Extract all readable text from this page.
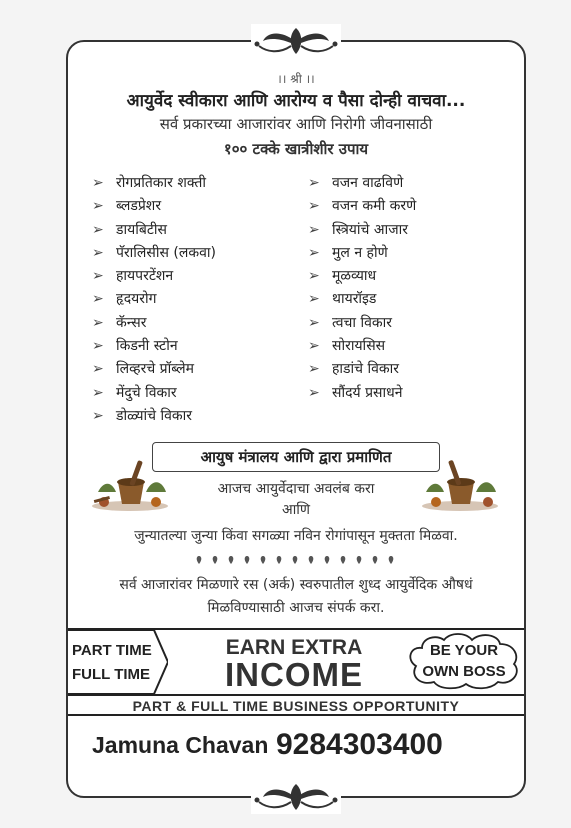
।। श्री ।।
आयुर्वेद स्वीकारा आणि आरोग्य व पैसा दोन्ही वाचवा...
सर्व प्रकारच्या आजारांवर आणि निरोगी जीवनासाठी
१०० टक्के खात्रीशीर उपाय
➢ रोगप्रतिकार शक्ती
➢ ब्लडप्रेशर
➢ डायबिटीस
➢ पॅरालिसीस (लकवा)
➢ हायपरटेंशन
➢ हृदयरोग
➢ कॅन्सर
➢ किडनी स्टोन
➢ लिव्हरचे प्रॉब्लेम
➢ मेंदुचे विकार
➢ डोळ्यांचे विकार
➢ वजन वाढविणे
➢ वजन कमी करणे
➢ स्त्रियांचे आजार
➢ मुल न होणे
➢ मूळव्याध
➢ थायरॉइड
➢ त्वचा विकार
➢ सोरायसिस
➢ हाडांचे विकार
➢ सौंदर्य प्रसाधने
आयुष मंत्रालय आणि द्वारा प्रमाणित
आजच आयुर्वेदाचा अवलंब करा
आणि
जुन्यातल्या जुन्या किंवा सगळ्या नविन रोगांपासून मुक्तता मिळवा.
सर्व आजारांवर मिळणारे रस (अर्क) स्वरुपातील शुध्द आयुर्वेदिक औषधं
मिळविण्यासाठी आजच संपर्क करा.
PART TIME
FULL TIME
EARN EXTRA
INCOME
BE YOUR
OWN BOSS
PART & FULL TIME BUSINESS OPPORTUNITY
Jamuna Chavan 9284303400
